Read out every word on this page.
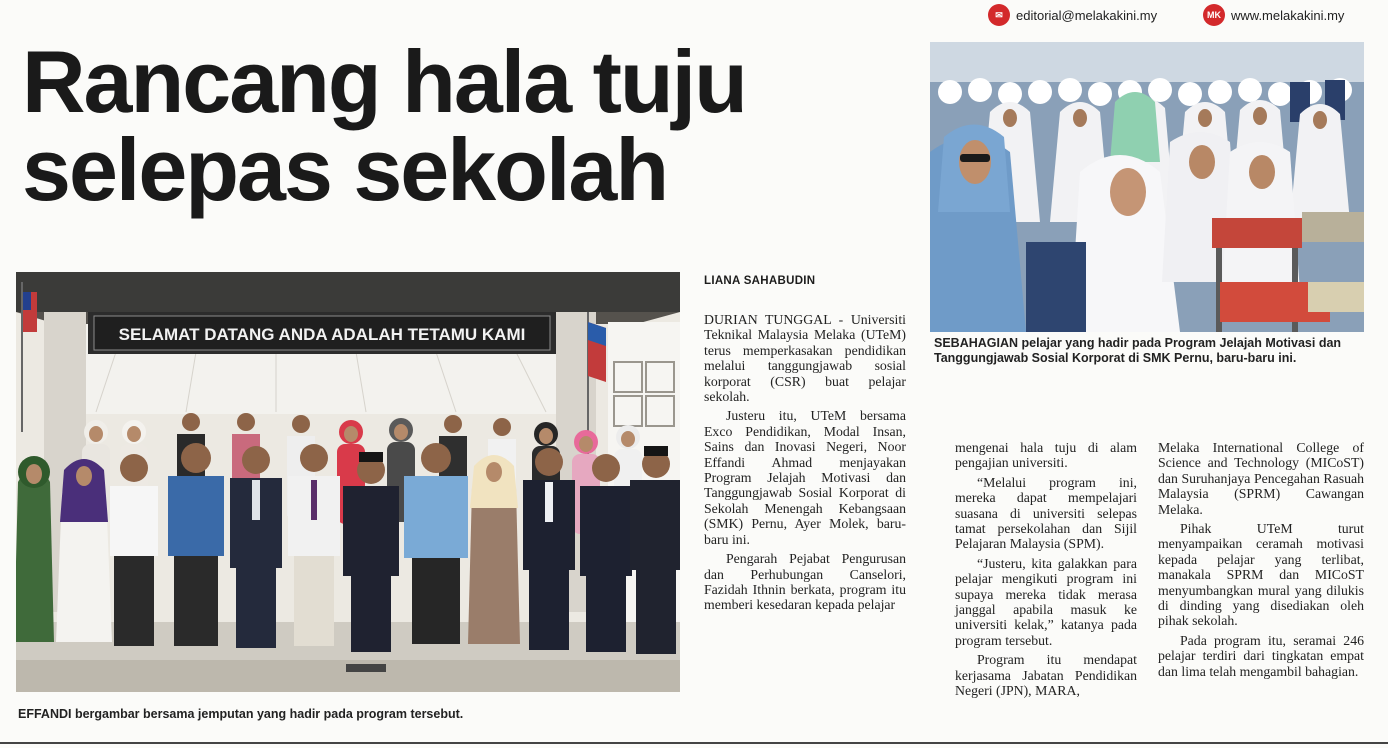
✉	editorial@melakakini.my	MK www.melakakini.my
Rancang hala tuju
selepas sekolah
SELAMAT DATANG ANDA ADALAH TETAMU KAMI
EFFANDI bergambar bersama jemputan yang hadir pada program tersebut.
SEBAHAGIAN pelajar yang hadir pada Program Jelajah Motivasi dan Tanggungjawab Sosial Korporat di SMK Pernu, baru-baru ini.
LIANA SAHABUDIN

DURIAN TUNGGAL - Universiti Teknikal Malaysia Melaka (UTeM) terus memperkasakan pendidikan melalui tanggungjawab sosial korporat (CSR) buat pelajar sekolah.

Justeru itu, UTeM bersama Exco Pendidikan, Modal Insan, Sains dan Inovasi Negeri, Noor Effandi Ahmad menjayakan Program Jelajah Motivasi dan Tanggungjawab Sosial Korporat di Sekolah Menengah Kebangsaan (SMK) Pernu, Ayer Molek, baru-baru ini.

Pengarah Pejabat Pengurusan dan Perhubungan Canselori, Fazidah Ithnin berkata, program itu memberi kesedaran kepada pelajar

mengenai hala tuju di alam pengajian universiti.

“Melalui program ini, mereka dapat mempelajari suasana di universiti selepas tamat persekolahan dan Sijil Pelajaran Malaysia (SPM).

“Justeru, kita galakkan para pelajar mengikuti program ini supaya mereka tidak merasa janggal apabila masuk ke universiti kelak,” katanya pada program tersebut.

Program itu mendapat kerjasama Jabatan Pendidikan Negeri (JPN), MARA,

Melaka International College of Science and Technology (MICoST) dan Suruhanjaya Pencegahan Rasuah Malaysia (SPRM) Cawangan Melaka.

Pihak UTeM turut menyampaikan ceramah motivasi kepada pelajar yang terlibat, manakala SPRM dan MICoST menyumbangkan mural yang dilukis di dinding yang disediakan oleh pihak sekolah.

Pada program itu, seramai 246 pelajar terdiri dari tingkatan empat dan lima telah mengambil bahagian.
